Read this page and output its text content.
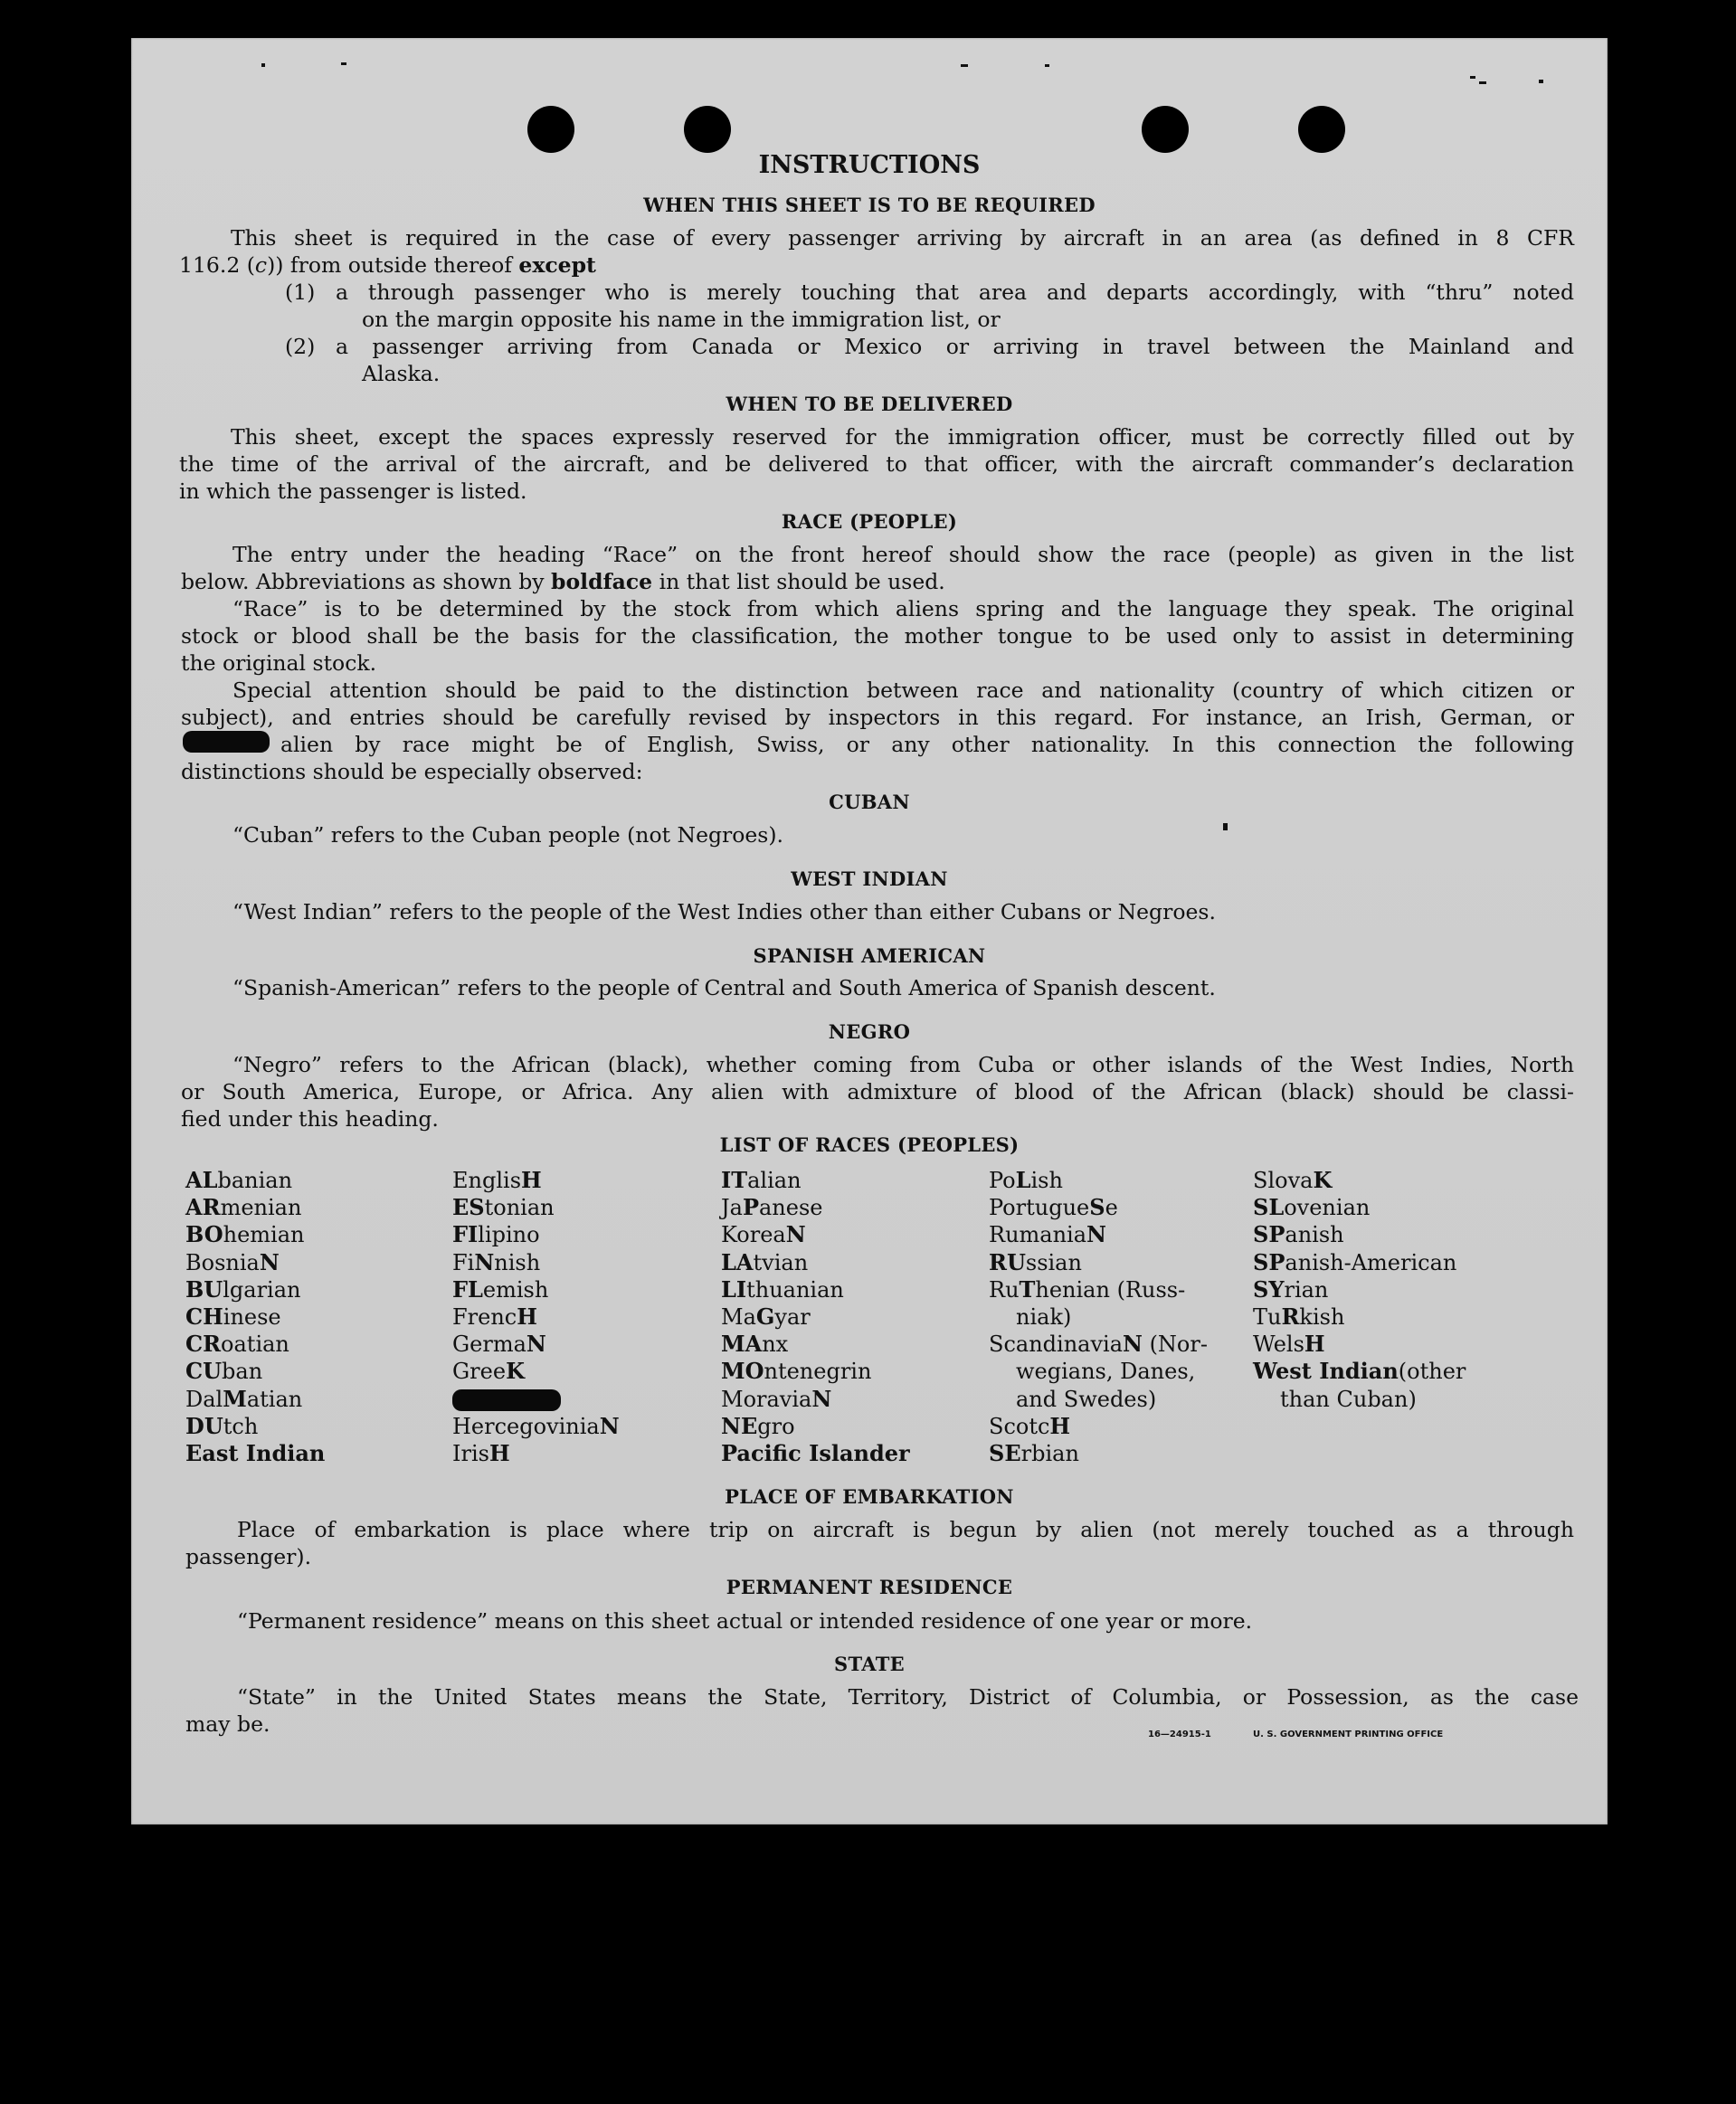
INSTRUCTIONS
WHEN THIS SHEET IS TO BE REQUIRED
This sheet is required in the case of every passenger arriving by aircraft in an area (as defined in 8 CFR
116.2 (c)) from outside thereof except
(1) a through passenger who is merely touching that area and departs accordingly, with “thru” noted
on the margin opposite his name in the immigration list, or
(2) a passenger arriving from Canada or Mexico or arriving in travel between the Mainland and
Alaska.
WHEN TO BE DELIVERED
This sheet, except the spaces expressly reserved for the immigration officer, must be correctly filled out by
the time of the arrival of the aircraft, and be delivered to that officer, with the aircraft commander’s declaration
in which the passenger is listed.
RACE (PEOPLE)
The entry under the heading “Race” on the front hereof should show the race (people) as given in the list
below. Abbreviations as shown by boldface in that list should be used.
“Race” is to be determined by the stock from which aliens spring and the language they speak. The original
stock or blood shall be the basis for the classification, the mother tongue to be used only to assist in determining
the original stock.
Special attention should be paid to the distinction between race and nationality (country of which citizen or
subject), and entries should be carefully revised by inspectors in this regard. For instance, an Irish, German, or
alien by race might be of English, Swiss, or any other nationality. In this connection the following
distinctions should be especially observed:
CUBAN
“Cuban” refers to the Cuban people (not Negroes).
WEST INDIAN
“West Indian” refers to the people of the West Indies other than either Cubans or Negroes.
SPANISH AMERICAN
“Spanish-American” refers to the people of Central and South America of Spanish descent.
NEGRO
“Negro” refers to the African (black), whether coming from Cuba or other islands of the West Indies, North
or South America, Europe, or Africa. Any alien with admixture of blood of the African (black) should be classi-
fied under this heading.
LIST OF RACES (PEOPLES)
ALbanian
ARmenian
BOhemian
BosniaN
BUlgarian
CHinese
CRoatian
CUban
DalMatian
DUtch
East Indian
EnglisH
EStonian
FIlipino
FiNnish
FLemish
FrencH
GermaN
GreeK
HercegoviniaN
IrisH
ITalian
JaPanese
KoreaN
LAtvian
LIthuanian
MaGyar
MAnx
MOntenegrin
MoraviaN
NEgro
Pacific Islander
PoLish
PortugueSe
RumaniaN
RUssian
RuThenian (Russ-
niak)
ScandinaviaN (Nor-
wegians, Danes,
and Swedes)
ScotcH
SErbian
SlovaK
SLovenian
SPanish
SPanish-American
SYrian
TuRkish
WelsH
West Indian(other
than Cuban)
PLACE OF EMBARKATION
Place of embarkation is place where trip on aircraft is begun by alien (not merely touched as a through
passenger).
PERMANENT RESIDENCE
“Permanent residence” means on this sheet actual or intended residence of one year or more.
STATE
“State” in the United States means the State, Territory, District of Columbia, or Possession, as the case
may be.	16—24915-1	U. S. GOVERNMENT PRINTING OFFICE
